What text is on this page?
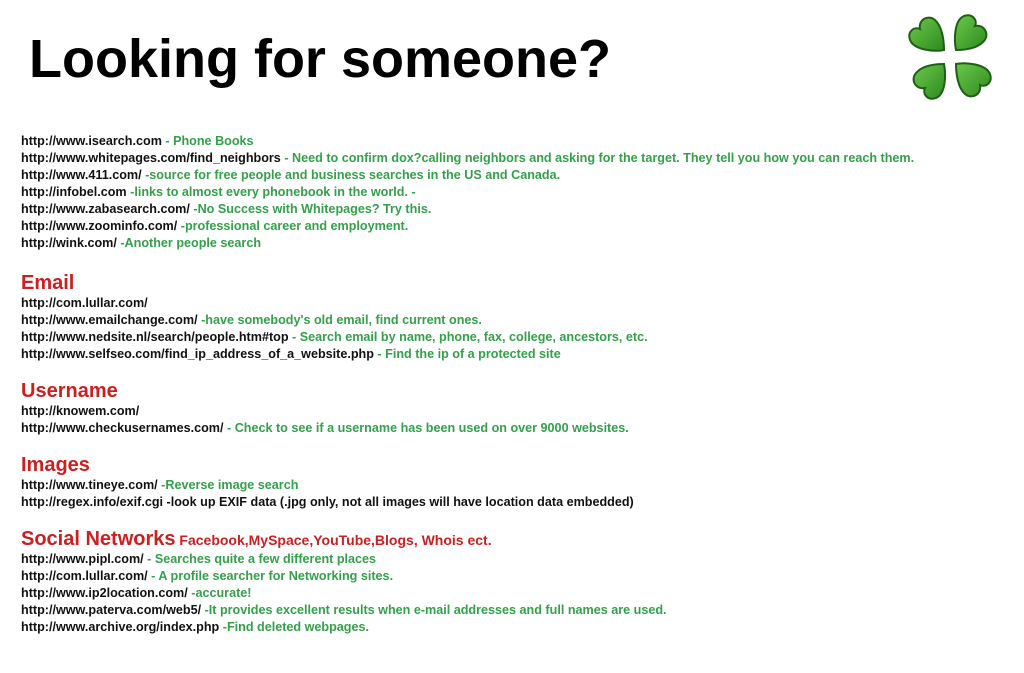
Looking for someone?
http://www.isearch.com - Phone Books
http://www.whitepages.com/find_neighbors - Need to confirm dox?calling neighbors and asking for the target. They tell you how you can reach them.
http://www.411.com/ -source for free people and business searches in the US and Canada.
http://infobel.com -links to almost every phonebook in the world. -
http://www.zabasearch.com/ -No Success with Whitepages? Try this.
http://www.zoominfo.com/ -professional career and employment.
http://wink.com/ -Another people search
Email
http://com.lullar.com/
http://www.emailchange.com/ -have somebody's old email, find current ones.
http://www.nedsite.nl/search/people.htm#top - Search email by name, phone, fax, college, ancestors, etc.
http://www.selfseo.com/find_ip_address_of_a_website.php - Find the ip of a protected site
Username
http://knowem.com/
http://www.checkusernames.com/ - Check to see if a username has been used on over 9000 websites.
Images
http://www.tineye.com/ -Reverse image search
http://regex.info/exif.cgi -look up EXIF data (.jpg only, not all images will have location data embedded)
Social Networks Facebook,MySpace,YouTube,Blogs, Whois ect.
http://www.pipl.com/ - Searches quite a few different places
http://com.lullar.com/ - A profile searcher for Networking sites.
http://www.ip2location.com/ -accurate!
http://www.paterva.com/web5/ -It provides excellent results when e-mail addresses and full names are used.
http://www.archive.org/index.php -Find deleted webpages.
